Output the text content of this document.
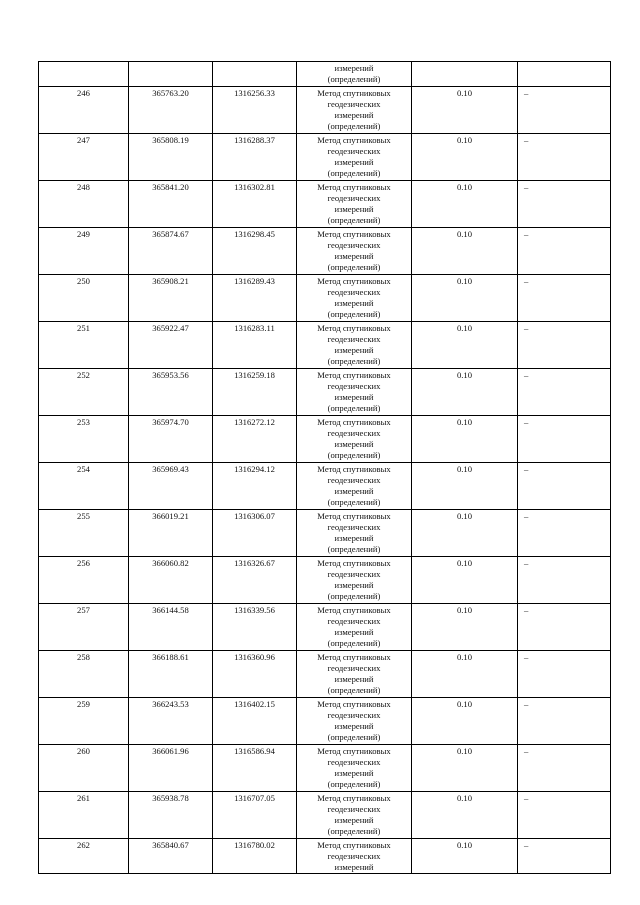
			измерений
(определений)		

246	365763.20	1316256.33	Метод спутниковых
геодезических
измерений
(определений)	0.10	–

247	365808.19	1316288.37	Метод спутниковых
геодезических
измерений
(определений)	0.10	–

248	365841.20	1316302.81	Метод спутниковых
геодезических
измерений
(определений)	0.10	–

249	365874.67	1316298.45	Метод спутниковых
геодезических
измерений
(определений)	0.10	–

250	365908.21	1316289.43	Метод спутниковых
геодезических
измерений
(определений)	0.10	–

251	365922.47	1316283.11	Метод спутниковых
геодезических
измерений
(определений)	0.10	–

252	365953.56	1316259.18	Метод спутниковых
геодезических
измерений
(определений)	0.10	–

253	365974.70	1316272.12	Метод спутниковых
геодезических
измерений
(определений)	0.10	–

254	365969.43	1316294.12	Метод спутниковых
геодезических
измерений
(определений)	0.10	–

255	366019.21	1316306.07	Метод спутниковых
геодезических
измерений
(определений)	0.10	–

256	366060.82	1316326.67	Метод спутниковых
геодезических
измерений
(определений)	0.10	–

257	366144.58	1316339.56	Метод спутниковых
геодезических
измерений
(определений)	0.10	–

258	366188.61	1316360.96	Метод спутниковых
геодезических
измерений
(определений)	0.10	–

259	366243.53	1316402.15	Метод спутниковых
геодезических
измерений
(определений)	0.10	–

260	366061.96	1316586.94	Метод спутниковых
геодезических
измерений
(определений)	0.10	–

261	365938.78	1316707.05	Метод спутниковых
геодезических
измерений
(определений)	0.10	–

262	365840.67	1316780.02	Метод спутниковых
геодезических
измерений	0.10	–
